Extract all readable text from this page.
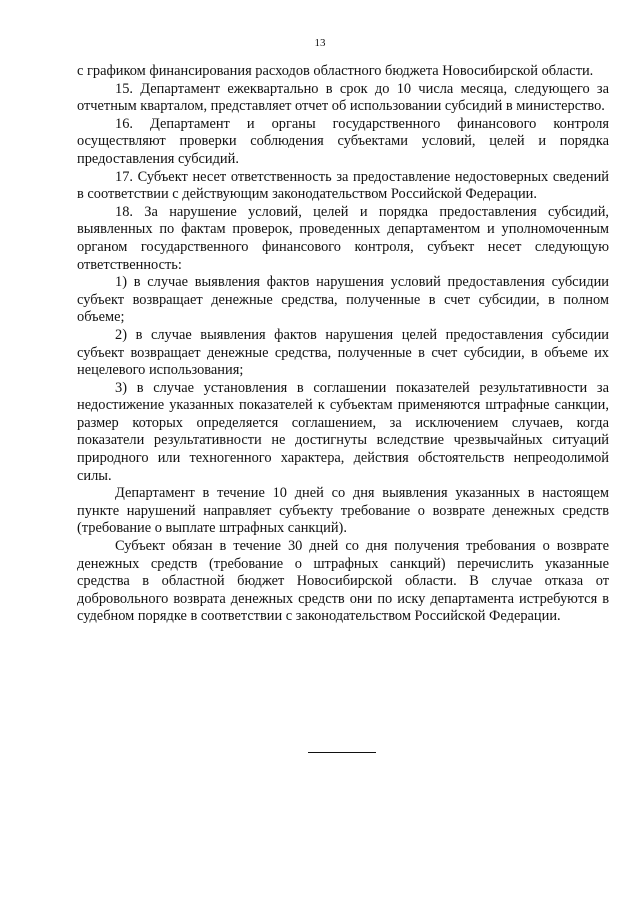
13

с графиком финансирования расходов областного бюджета Новосибирской области.

15. Департамент ежеквартально в срок до 10 числа месяца, следующего за отчетным кварталом, представляет отчет об использовании субсидий в министерство.

16. Департамент и органы государственного финансового контроля осуществляют проверки соблюдения субъектами условий, целей и порядка предоставления субсидий.

17. Субъект несет ответственность за предоставление недостоверных сведений в соответствии с действующим законодательством Российской Федерации.

18. За нарушение условий, целей и порядка предоставления субсидий, выявленных по фактам проверок, проведенных департаментом и уполномоченным органом государственного финансового контроля, субъект несет следующую ответственность:

1) в случае выявления фактов нарушения условий предоставления субсидии субъект возвращает денежные средства, полученные в счет субсидии, в полном объеме;

2) в случае выявления фактов нарушения целей предоставления субсидии субъект возвращает денежные средства, полученные в счет субсидии, в объеме их нецелевого использования;

3) в случае установления в соглашении показателей результативности за недостижение указанных показателей к субъектам применяются штрафные санкции, размер которых определяется соглашением, за исключением случаев, когда показатели результативности не достигнуты вследствие чрезвычайных ситуаций природного или техногенного характера, действия обстоятельств непреодолимой силы.

Департамент в течение 10 дней со дня выявления указанных в настоящем пункте нарушений направляет субъекту требование о возврате денежных средств (требование о выплате штрафных санкций).

Субъект обязан в течение 30 дней со дня получения требования о возврате денежных средств (требование о штрафных санкций) перечислить указанные средства в областной бюджет Новосибирской области. В случае отказа от добровольного возврата денежных средств они по иску департамента истребуются в судебном порядке в соответствии с законодательством Российской Федерации.
